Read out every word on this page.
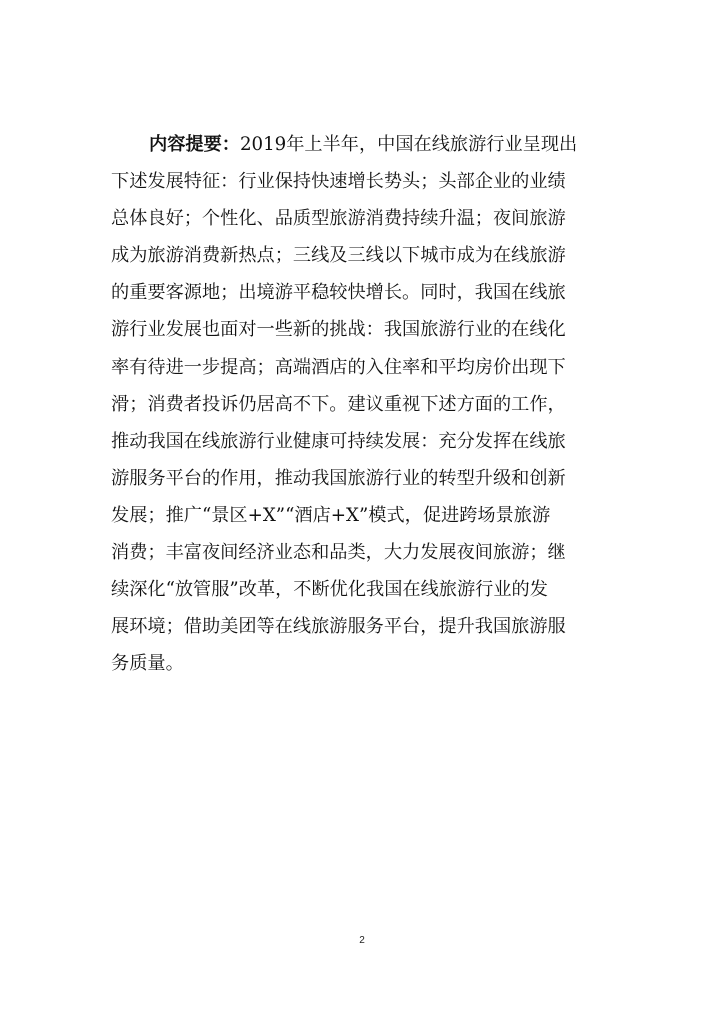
内容提要：2019年上半年，中国在线旅游行业呈现出
下述发展特征：行业保持快速增长势头；头部企业的业绩
总体良好；个性化、品质型旅游消费持续升温；夜间旅游
成为旅游消费新热点；三线及三线以下城市成为在线旅游
的重要客源地；出境游平稳较快增长。同时，我国在线旅
游行业发展也面对一些新的挑战：我国旅游行业的在线化
率有待进一步提高；高端酒店的入住率和平均房价出现下
滑；消费者投诉仍居高不下。建议重视下述方面的工作，
推动我国在线旅游行业健康可持续发展：充分发挥在线旅
游服务平台的作用，推动我国旅游行业的转型升级和创新
发展；推广“景区+X”“酒店+X”模式，促进跨场景旅游
消费；丰富夜间经济业态和品类，大力发展夜间旅游；继
续深化“放管服”改革，不断优化我国在线旅游行业的发
展环境；借助美团等在线旅游服务平台，提升我国旅游服
务质量。
2
